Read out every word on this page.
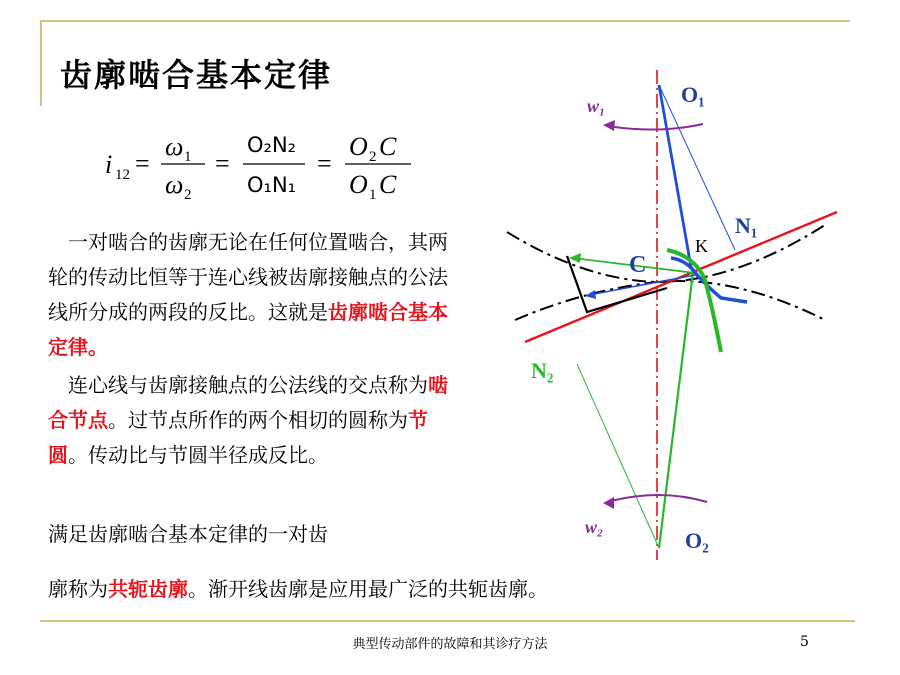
齿廓啮合基本定律
i 12 =
ω 1
ω 2
=
O₂N₂
O₁N₁
=
O 2 C
O 1 C
　一对啮合的齿廓无论在任何位置啮合，其两轮的传动比恒等于连心线被齿廓接触点的公法线所分成的两段的反比。这就是齿廓啮合基本定律。
　连心线与齿廓接触点的公法线的交点称为啮合节点。过节点所作的两个相切的圆称为节圆。传动比与节圆半径成反比。
满足齿廓啮合基本定律的一对齿
廓称为共轭齿廓。渐开线齿廓是应用最广泛的共轭齿廓。
O₁
O₂
w₁
w₂
N₁
N₂
C
K
典型传动部件的故障和其诊疗方法	5
